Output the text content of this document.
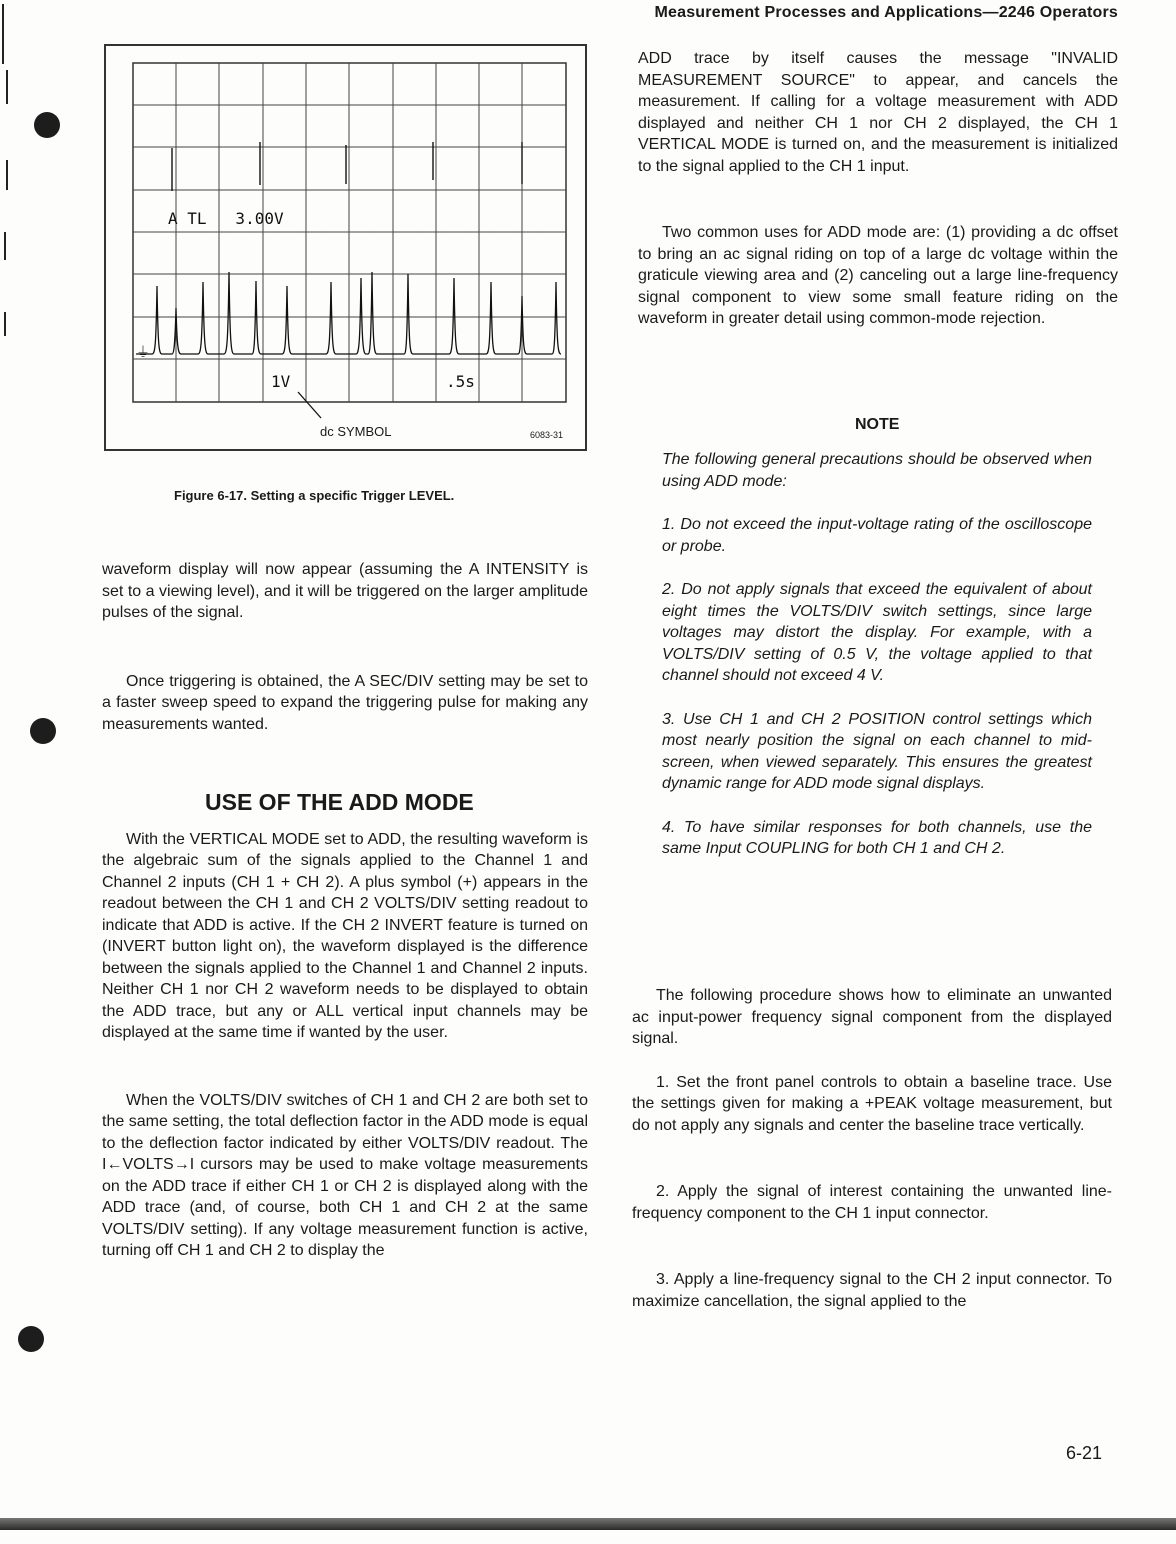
Measurement Processes and Applications—2246 Operators
⏚
A TL   3.00V
1V	.5s
dc SYMBOL	6083-31
Figure 6-17. Setting a specific Trigger LEVEL.

waveform display will now appear (assuming the A INTENSITY is set to a viewing level), and it will be triggered on the larger amplitude pulses of the signal.

Once triggering is obtained, the A SEC/DIV setting may be set to a faster sweep speed to expand the triggering pulse for making any measurements wanted.

USE OF THE ADD MODE

With the VERTICAL MODE set to ADD, the resulting waveform is the algebraic sum of the signals applied to the Channel 1 and Channel 2 inputs (CH 1 + CH 2). A plus symbol (+) appears in the readout between the CH 1 and CH 2 VOLTS/DIV setting readout to indicate that ADD is active. If the CH 2 INVERT feature is turned on (INVERT button light on), the waveform displayed is the difference between the signals applied to the Channel 1 and Channel 2 inputs. Neither CH 1 nor CH 2 waveform needs to be displayed to obtain the ADD trace, but any or ALL vertical input channels may be displayed at the same time if wanted by the user.

When the VOLTS/DIV switches of CH 1 and CH 2 are both set to the same setting, the total deflection factor in the ADD mode is equal to the deflection factor indicated by either VOLTS/DIV readout. The I←VOLTS→I cursors may be used to make voltage measurements on the ADD trace if either CH 1 or CH 2 is displayed along with the ADD trace (and, of course, both CH 1 and CH 2 at the same VOLTS/DIV setting). If any voltage measurement function is active, turning off CH 1 and CH 2 to display the

ADD trace by itself causes the message "INVALID MEASUREMENT SOURCE" to appear, and cancels the measurement. If calling for a voltage measurement with ADD displayed and neither CH 1 nor CH 2 displayed, the CH 1 VERTICAL MODE is turned on, and the measurement is initialized to the signal applied to the CH 1 input.

Two common uses for ADD mode are: (1) providing a dc offset to bring an ac signal riding on top of a large dc voltage within the graticule viewing area and (2) canceling out a large line-frequency signal component to view some small feature riding on the waveform in greater detail using common-mode rejection.

NOTE

The following general precautions should be observed when using ADD mode:

1. Do not exceed the input-voltage rating of the oscilloscope or probe.

2. Do not apply signals that exceed the equivalent of about eight times the VOLTS/DIV switch settings, since large voltages may distort the display. For example, with a VOLTS/DIV setting of 0.5 V, the voltage applied to that channel should not exceed 4 V.

3. Use CH 1 and CH 2 POSITION control settings which most nearly position the signal on each channel to mid-screen, when viewed separately. This ensures the greatest dynamic range for ADD mode signal displays.

4. To have similar responses for both channels, use the same Input COUPLING for both CH 1 and CH 2.

The following procedure shows how to eliminate an unwanted ac input-power frequency signal component from the displayed signal.

1. Set the front panel controls to obtain a baseline trace. Use the settings given for making a +PEAK voltage measurement, but do not apply any signals and center the baseline trace vertically.

2. Apply the signal of interest containing the unwanted line-frequency component to the CH 1 input connector.

3. Apply a line-frequency signal to the CH 2 input connector. To maximize cancellation, the signal applied to the

6-21
